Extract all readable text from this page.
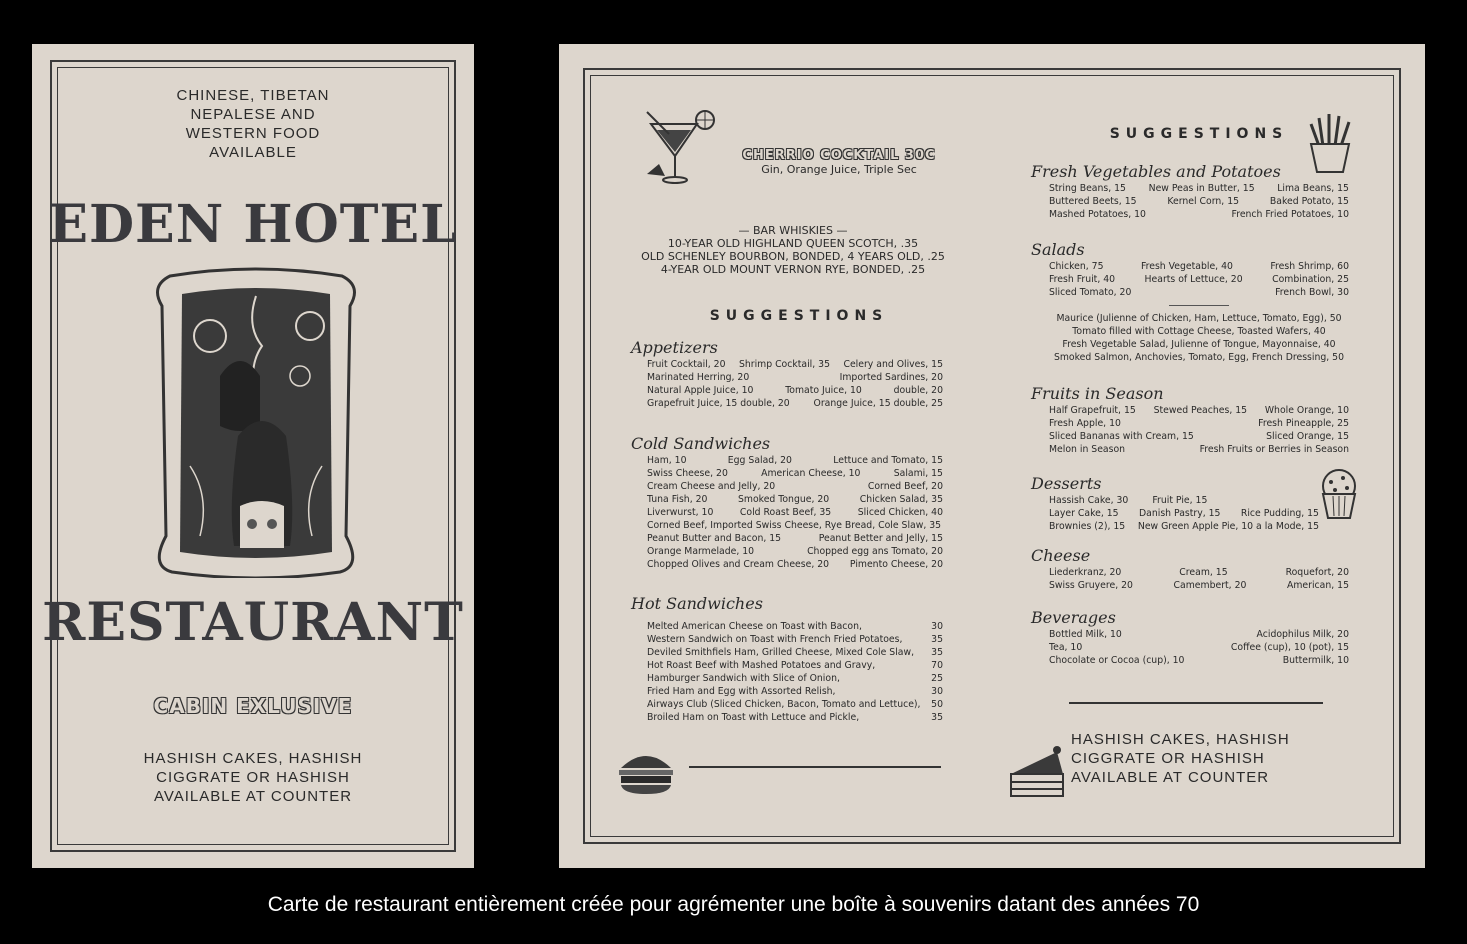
CHINESE, TIBETAN
NEPALESE AND
WESTERN FOOD
AVAILABLE
EDEN HOTEL
RESTAURANT
CABIN EXLUSIVE
HASHISH CAKES, HASHISH
CIGGRATE OR HASHISH
AVAILABLE AT COUNTER
CHERRIO COCKTAIL 30C
Gin, Orange Juice, Triple Sec
— BAR WHISKIES —
10-YEAR OLD HIGHLAND QUEEN SCOTCH, .35
OLD SCHENLEY BOURBON, BONDED, 4 YEARS OLD, .25
4-YEAR OLD MOUNT VERNON RYE, BONDED, .25
SUGGESTIONS
Appetizers
Fruit Cocktail, 20 Shrimp Cocktail, 35 Celery and Olives, 15
Marinated Herring, 20	Imported Sardines, 20
Natural Apple Juice, 10	Tomato Juice, 10	double, 20
Grapefruit Juice, 15 double, 20	Orange Juice, 15 double, 25
Cold Sandwiches
Ham, 10	Egg Salad, 20	Lettuce and Tomato, 15
Swiss Cheese, 20	American Cheese, 10	Salami, 15
Cream Cheese and Jelly, 20	Corned Beef, 20
Tuna Fish, 20	Smoked Tongue, 20	Chicken Salad, 35
Liverwurst, 10	Cold Roast Beef, 35	Sliced Chicken, 40
Corned Beef, Imported Swiss Cheese, Rye Bread, Cole Slaw, 35
Peanut Butter and Bacon, 15	Peanut Better and Jelly, 15
Orange Marmelade, 10	Chopped egg ans Tomato, 20
Chopped Olives and Cream Cheese, 20 Pimento Cheese, 20
Hot Sandwiches
Melted American Cheese on Toast with Bacon,	30
Western Sandwich on Toast with French Fried Potatoes,	35
Deviled Smithfiels Ham, Grilled Cheese, Mixed Cole Slaw, 35
Hot Roast Beef with Mashed Potatoes and Gravy,	70
Hamburger Sandwich with Slice of Onion,	25
Fried Ham and Egg with Assorted Relish,	30
Airways Club (Sliced Chicken, Bacon, Tomato and Lettuce), 50
Broiled Ham on Toast with Lettuce and Pickle,	35
SUGGESTIONS
Fresh Vegetables and Potatoes
String Beans, 15 New Peas in Butter, 15 Lima Beans, 15
Buttered Beets, 15	Kernel Corn, 15	Baked Potato, 15
Mashed Potatoes, 10	French Fried Potatoes, 10
Salads
Chicken, 75	Fresh Vegetable, 40	Fresh Shrimp, 60
Fresh Fruit, 40	Hearts of Lettuce, 20	Combination, 25
Sliced Tomato, 20	French Bowl, 30
Maurice (Julienne of Chicken, Ham, Lettuce, Tomato, Egg), 50
Tomato filled with Cottage Cheese, Toasted Wafers, 40
Fresh Vegetable Salad, Julienne of Tongue, Mayonnaise, 40
Smoked Salmon, Anchovies, Tomato, Egg, French Dressing, 50
Fruits in Season
Half Grapefruit, 15 Stewed Peaches, 15 Whole Orange, 10
Fresh Apple, 10	Fresh Pineapple, 25
Sliced Bananas with Cream, 15	Sliced Orange, 15
Melon in Season	Fresh Fruits or Berries in Season
Desserts
Hassish Cake, 30	Fruit Pie, 15
Layer Cake, 15 Danish Pastry, 15 Rice Pudding, 15
Brownies (2), 15 New Green Apple Pie, 10 a la Mode, 15
Cheese
Liederkranz, 20	Cream, 15	Roquefort, 20
Swiss Gruyere, 20	Camembert, 20	American, 15
Beverages
Bottled Milk, 10	Acidophilus Milk, 20
Tea, 10	Coffee (cup), 10 (pot), 15
Chocolate or Cocoa (cup), 10	Buttermilk, 10
HASHISH CAKES, HASHISH
CIGGRATE OR HASHISH
AVAILABLE AT COUNTER
Carte de restaurant entièrement créée pour agrémenter une boîte à souvenirs datant des années 70
